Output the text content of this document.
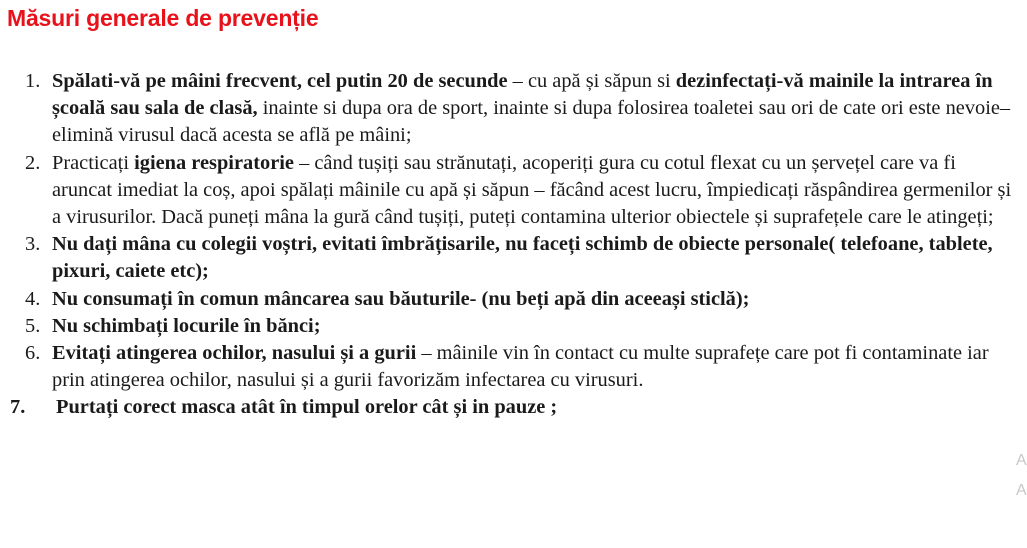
Măsuri generale de prevenție
1. Spălati-vă pe mâini frecvent, cel putin 20 de secunde – cu apă și săpun si dezinfectați-vă mainile la intrarea în școală sau sala de clasă, inainte si dupa ora de sport, inainte si dupa folosirea toaletei sau ori de cate ori este nevoie– elimină virusul dacă acesta se află pe mâini;
2. Practicați igiena respiratorie – când tușiți sau strănutați, acoperiți gura cu cotul flexat cu un șervețel care va fi aruncat imediat la coș, apoi spălați mâinile cu apă și săpun – făcând acest lucru, împiedicați răspândirea germenilor și a virusurilor. Dacă puneți mâna la gură când tușiți, puteți contamina ulterior obiectele și suprafețele care le atingeți;
3. Nu dați mâna cu colegii voștri, evitati îmbrățisarile, nu faceți schimb de obiecte personale( telefoane, tablete, pixuri, caiete etc);
4. Nu consumați în comun mâncarea sau băuturile- (nu beți apă din aceeași sticlă);
5. Nu schimbați locurile în bănci;
6. Evitați atingerea ochilor, nasului și a gurii – mâinile vin în contact cu multe suprafețe care pot fi contaminate iar prin atingerea ochilor, nasului și a gurii favorizăm infectarea cu virusuri.
7. Purtați corect masca atât în timpul orelor cât și in pauze ;
A
A
